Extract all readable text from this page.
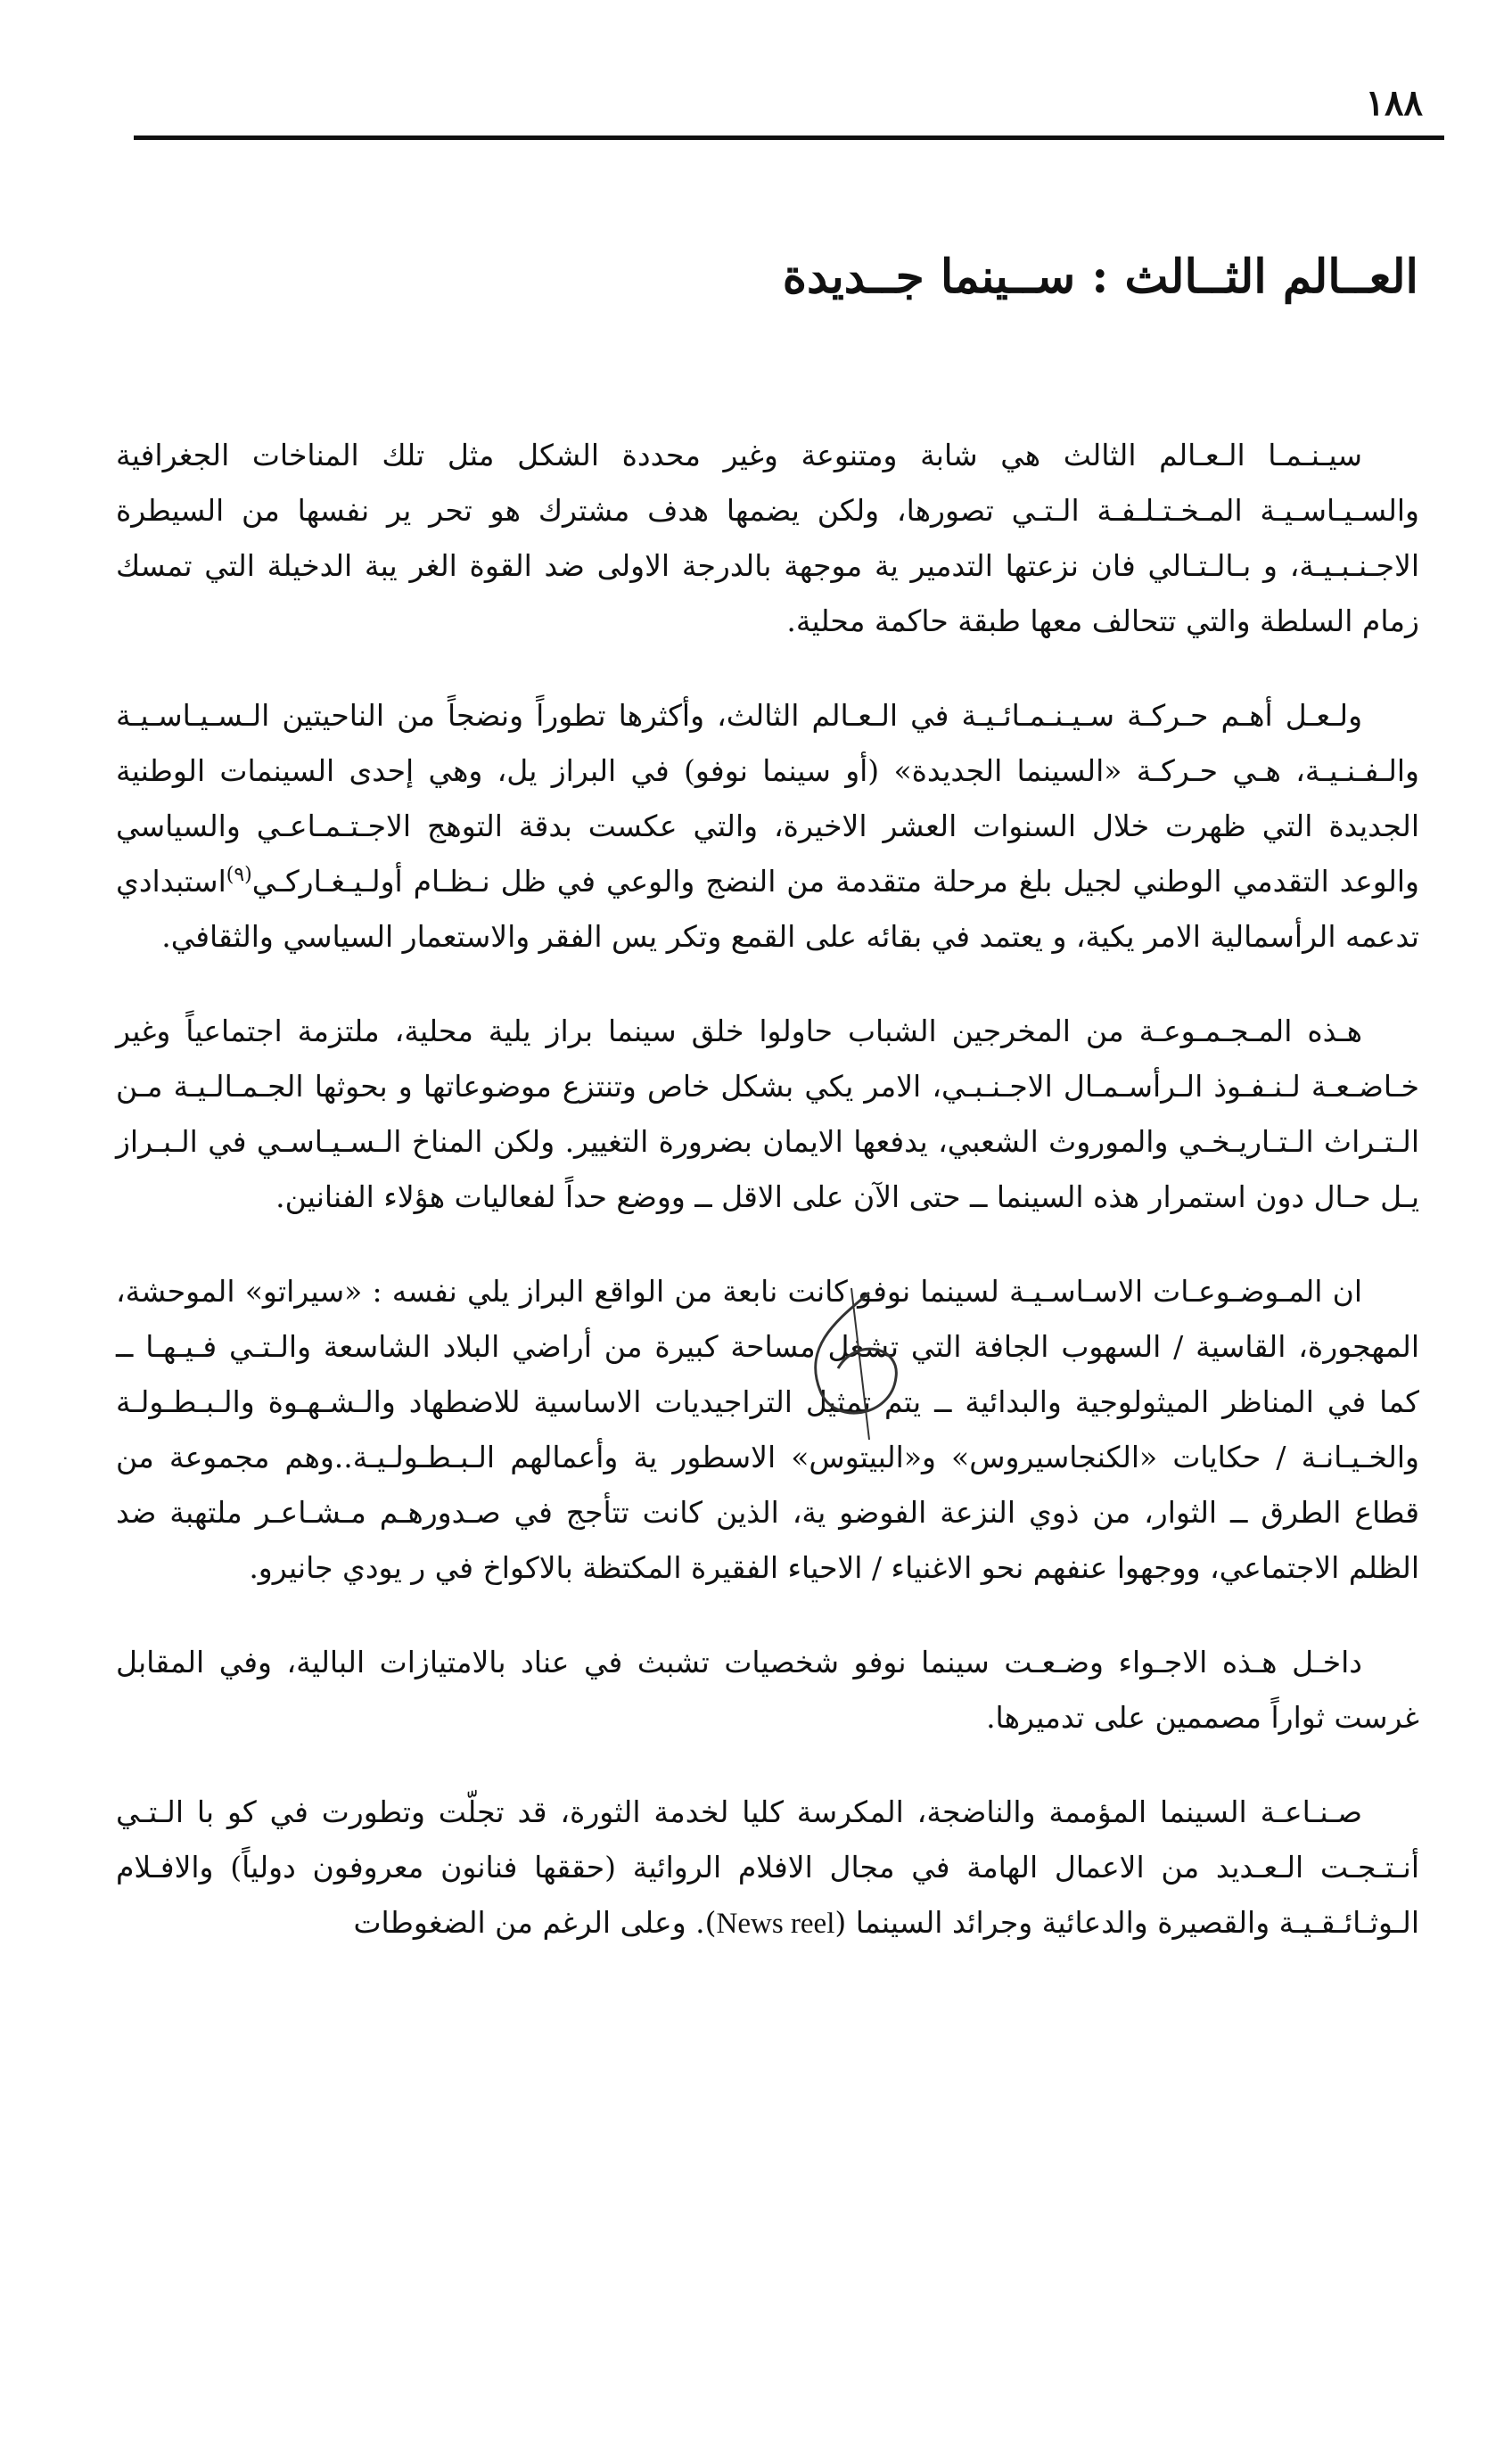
١٨٨
العــالم الثــالث : ســينما جــديدة

سيـنـمـا الـعـالم الثالث هي شابة ومتنوعة وغير محددة الشكل مثل تلك المناخات الجغرافية والسـيـاسـيـة المـخـتـلـفـة الـتـي تصورها، ولكن يضمها هدف مشترك هو تحر ير نفسها من السيطرة الاجـنـبـيـة، و بـالـتـالي فان نزعتها التدمير ية موجهة بالدرجة الاولى ضد القوة الغر يبة الدخيلة التي تمسك زمام السلطة والتي تتحالف معها طبقة حاكمة محلية.

ولـعـل أهـم حـركـة سـيـنـمـائـيـة في الـعـالم الثالث، وأكثرها تطوراً ونضجاً من الناحيتين الـسـيـاسـيـة والـفـنـيـة، هـي حـركـة «السينما الجديدة» (أو سينما نوفو) في البراز يل، وهي إحدى السينمات الوطنية الجديدة التي ظهرت خلال السنوات العشر الاخيرة، والتي عكست بدقة التوهج الاجـتـمـاعـي والسياسي والوعد التقدمي الوطني لجيل بلغ مرحلة متقدمة من النضج والوعي في ظل نـظـام أولـيـغـاركـي$^{(٩)}$استبدادي تدعمه الرأسمالية الامر يكية، و يعتمد في بقائه على القمع وتكر يس الفقر والاستعمار السياسي والثقافي.

هـذه المـجـمـوعـة من المخرجين الشباب حاولوا خلق سينما براز يلية محلية، ملتزمة اجتماعياً وغير خـاضـعـة لـنـفـوذ الـرأسـمـال الاجـنـبـي، الامر يكي بشكل خاص وتنتزع موضوعاتها و بحوثها الجـمـالـيـة مـن الـتـراث الـتـاريـخـي والموروث الشعبي، يدفعها الايمان بضرورة التغيير. ولكن المناخ الـسـيـاسـي في الـبـراز يـل حـال دون استمرار هذه السينما ــ حتى الآن على الاقل ــ ووضع حداً لفعاليات هؤلاء الفنانين.

ان المـوضـوعـات الاسـاسـيـة لسينما نوفو كانت نابعة من الواقع البراز يلي نفسه : «سيراتو» الموحشة، المهجورة، القاسية / السهوب الجافة التي تشغل مساحة كبيرة من أراضي البلاد الشاسعة والـتـي فـيـهـا ــ كما في المناظر الميثولوجية والبدائية ــ يتم تمثيل التراجيديات الاساسية للاضطهاد والـشـهـوة والـبـطـولـة والخـيـانـة / حكايات «الكنجاسيروس» و«البيتوس» الاسطور ية وأعمالهم الـبـطـولـيـة..وهم مجموعة من قطاع الطرق ــ الثوار، من ذوي النزعة الفوضو ية، الذين كانت تتأجج في صـدورهـم مـشـاعـر ملتهبة ضد الظلم الاجتماعي، ووجهوا عنفهم نحو الاغنياء / الاحياء الفقيرة المكتظة بالاكواخ في ر يودي جانيرو.

داخـل هـذه الاجـواء وضـعـت سينما نوفو شخصيات تشبث في عناد بالامتيازات البالية، وفي المقابل غرست ثواراً مصممين على تدميرها.

صـنـاعـة السينما المؤممة والناضجة، المكرسة كليا لخدمة الثورة، قد تجلّت وتطورت في كو با الـتـي أنـتـجـت الـعـديد من الاعمال الهامة في مجال الافلام الروائية (حققها فنانون معروفون دولياً) والافـلام الـوثـائـقـيـة والقصيرة والدعائية وجرائد السينما (News reel). وعلى الرغم من الضغوطات
